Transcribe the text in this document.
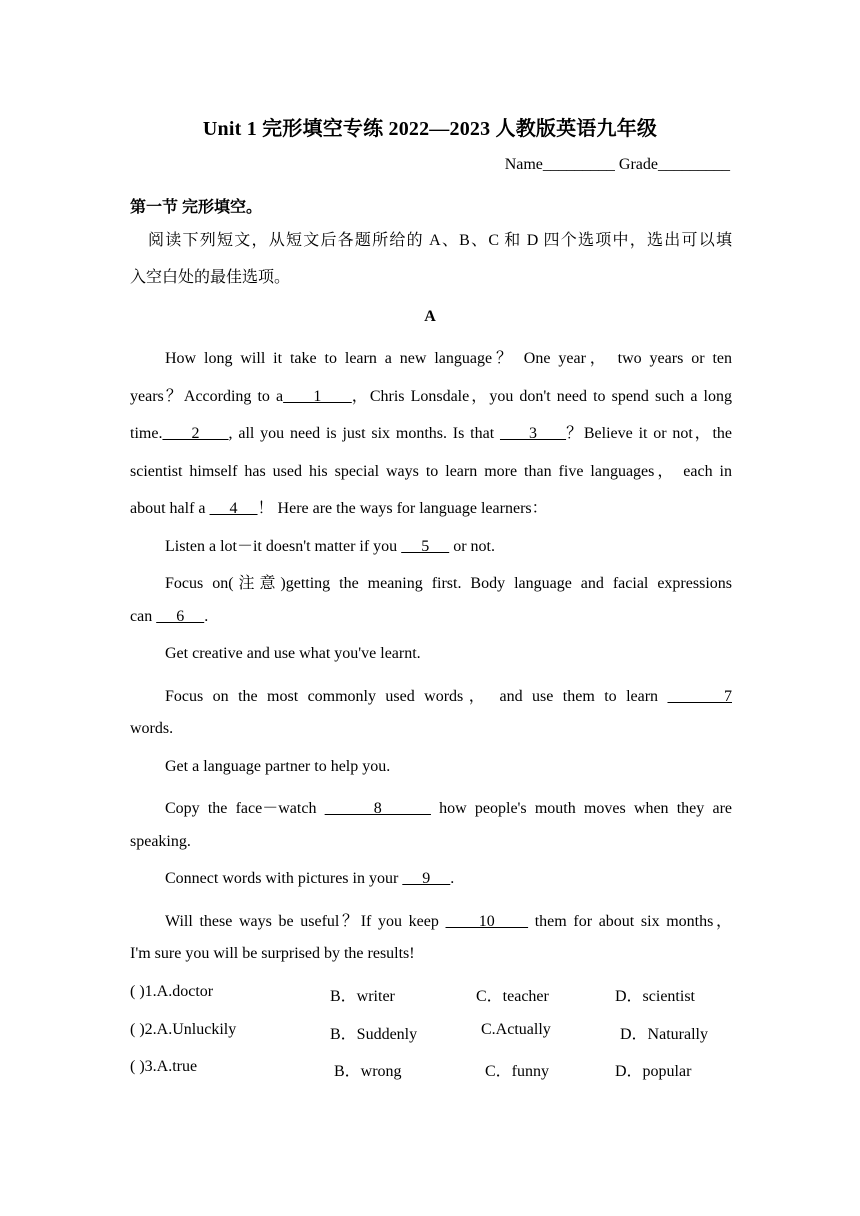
Unit 1 完形填空专练 2022—2023 人教版英语九年级
Name_________ Grade_________
第一节 完形填空。
阅读下列短文，从短文后各题所给的 A、B、C 和 D 四个选项中，选出可以填
入空白处的最佳选项。
A
How long will it take to learn a new language？ One year， two years or ten
years？According to a     1     ，Chris Lonsdale，you don't need to spend such a long
time.     2     , all you need is just six months. Is that      3     ？Believe it or not，the
scientist himself has used his special ways to learn more than five languages， each in
about half a      4     ！ Here are the ways for language learners：
Listen a lot－it doesn't matter if you      5      or not.
Focus on(注意)getting the meaning first. Body language and facial expressions
can      6     .
Get creative and use what you've learnt.
Focus on the most commonly used words， and use them to learn       7
words.
Get a language partner to help you.
Copy the face－watch       8       how people's mouth moves when they are
speaking.
Connect words with pictures in your      9     .
Will these ways be useful？If you keep      10      them for about six months，
I'm sure you will be surprised by the results!
( )1.A.doctor	B．writer	C．teacher	D．scientist
( )2.A.Unluckily	B．Suddenly	C.Actually	D．Naturally
( )3.A.true	B．wrong	C．funny	D．popular
